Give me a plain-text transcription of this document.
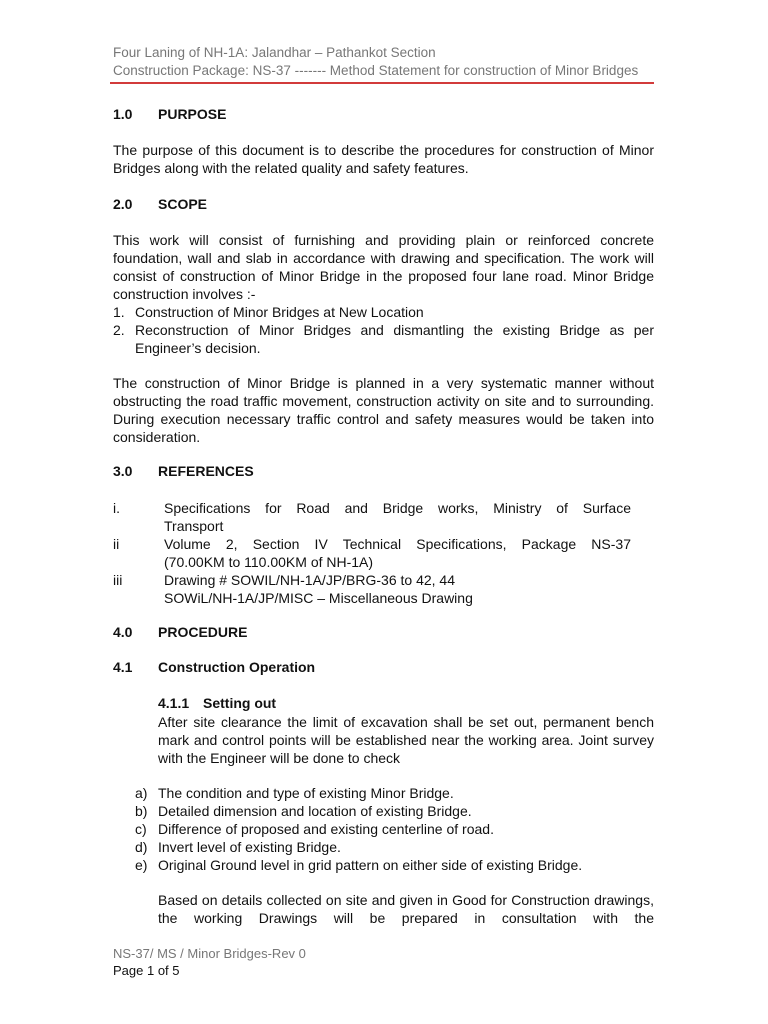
Four Laning of NH-1A: Jalandhar – Pathankot Section
Construction Package: NS-37 ------- Method Statement for construction of Minor Bridges
1.0 PURPOSE
The purpose of this document is to describe the procedures for construction of Minor Bridges along with the related quality and safety features.
2.0 SCOPE
This work will consist of furnishing and providing plain or reinforced concrete foundation, wall and slab in accordance with drawing and specification. The work will consist of construction of Minor Bridge in the proposed four lane road. Minor Bridge construction involves :-
1. Construction of Minor Bridges at New Location
2. Reconstruction of Minor Bridges and dismantling the existing Bridge as per
Engineer’s decision.
The construction of Minor Bridge is planned in a very systematic manner without obstructing the road traffic movement, construction activity on site and to surrounding. During execution necessary traffic control and safety measures would be taken into consideration.
3.0 REFERENCES
i.	Specifications for Road and Bridge works, Ministry of Surface
Transport
ii	Volume 2, Section IV Technical Specifications, Package NS-37
(70.00KM to 110.00KM of NH-1A)
iii	Drawing # SOWIL/NH-1A/JP/BRG-36 to 42, 44
SOWiL/NH-1A/JP/MISC – Miscellaneous Drawing
4.0 PROCEDURE
4.1 Construction Operation
4.1.1 Setting out
After site clearance the limit of excavation shall be set out, permanent bench mark and control points will be established near the working area. Joint survey with the Engineer will be done to check
a) The condition and type of existing Minor Bridge.
b) Detailed dimension and location of existing Bridge.
c) Difference of proposed and existing centerline of road.
d) Invert level of existing Bridge.
e) Original Ground level in grid pattern on either side of existing Bridge.
Based on details collected on site and given in Good for Construction drawings, the working Drawings will be prepared in consultation with the
NS-37/ MS / Minor Bridges-Rev 0
Page 1 of 5
